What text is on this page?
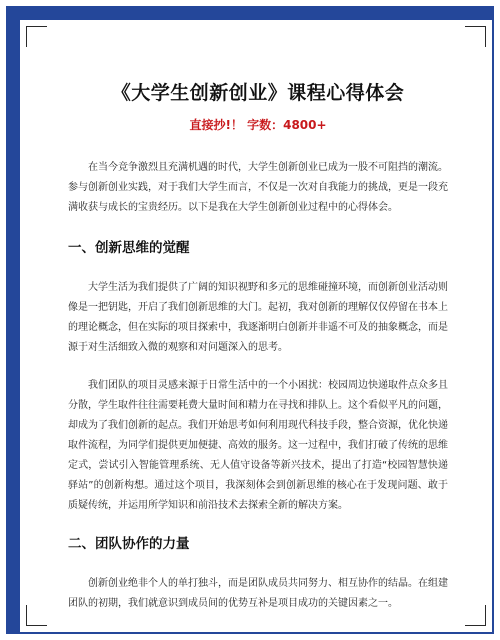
《大学生创新创业》课程心得体会
直接抄!！ 字数：4800+

在当今竞争激烈且充满机遇的时代，大学生创新创业已成为一股不可阻挡的潮流。参与创新创业实践，对于我们大学生而言，不仅是一次对自我能力的挑战，更是一段充满收获与成长的宝贵经历。以下是我在大学生创新创业过程中的心得体会。

一、创新思维的觉醒

大学生活为我们提供了广阔的知识视野和多元的思维碰撞环境，而创新创业活动则像是一把钥匙，开启了我们创新思维的大门。起初，我对创新的理解仅仅停留在书本上的理论概念，但在实际的项目探索中，我逐渐明白创新并非遥不可及的抽象概念，而是源于对生活细致入微的观察和对问题深入的思考。

我们团队的项目灵感来源于日常生活中的一个小困扰：校园周边快递取件点众多且分散，学生取件往往需要耗费大量时间和精力在寻找和排队上。这个看似平凡的问题，却成为了我们创新的起点。我们开始思考如何利用现代科技手段，整合资源，优化快递取件流程，为同学们提供更加便捷、高效的服务。这一过程中，我们打破了传统的思维定式，尝试引入智能管理系统、无人值守设备等新兴技术，提出了打造“校园智慧快递驿站”的创新构想。通过这个项目，我深刻体会到创新思维的核心在于发现问题、敢于质疑传统，并运用所学知识和前沿技术去探索全新的解决方案。

二、团队协作的力量

创新创业绝非个人的单打独斗，而是团队成员共同努力、相互协作的结晶。在组建团队的初期，我们就意识到成员间的优势互补是项目成功的关键因素之一。
